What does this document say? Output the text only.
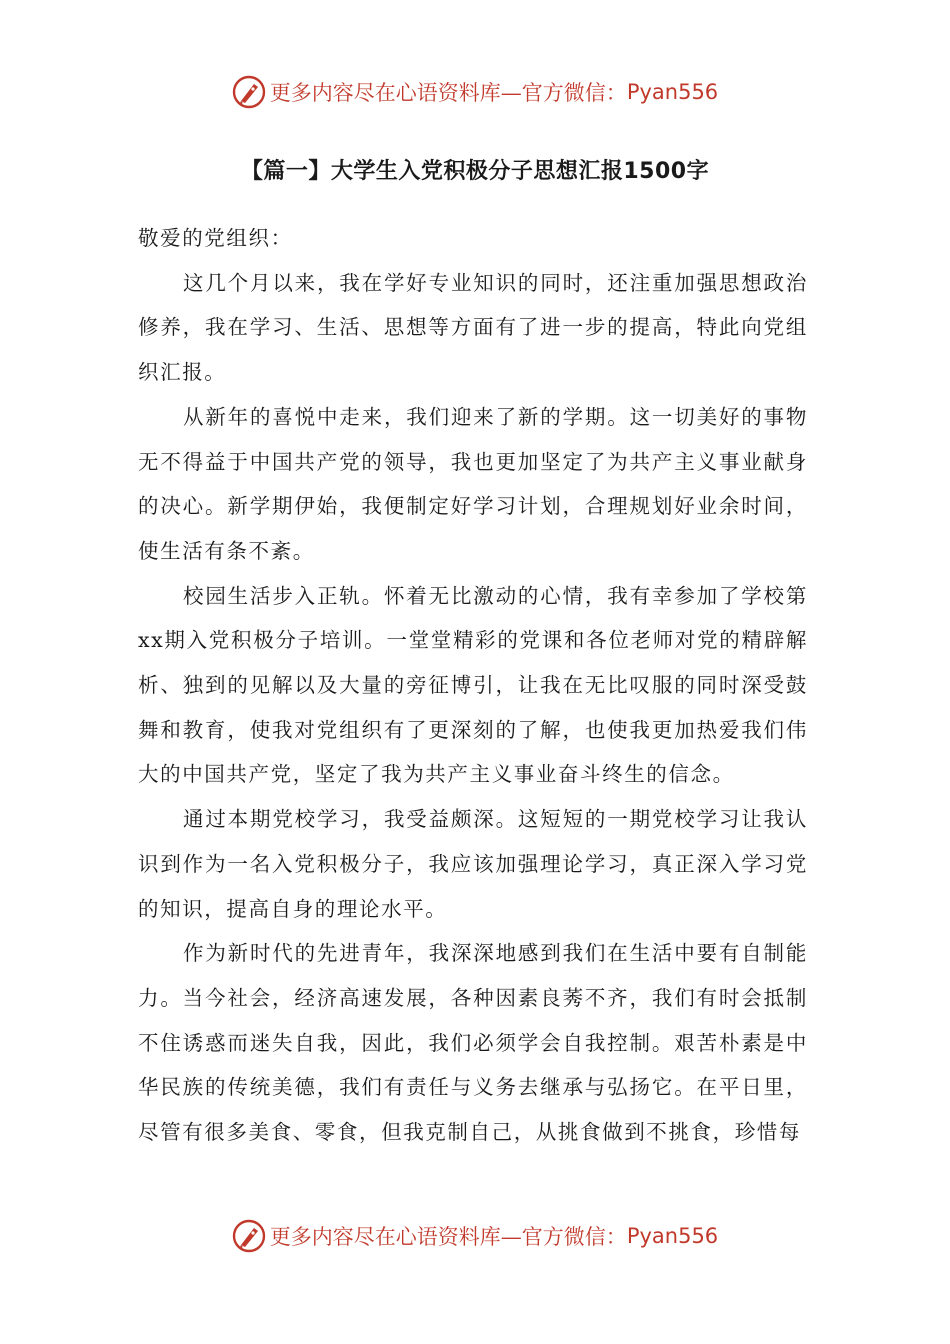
更多内容尽在心语资料库—官方微信： Pyan556
【篇一】大学生入党积极分子思想汇报1500字

敬爱的党组织：

这几个月以来，我在学好专业知识的同时，还注重加强思想政治修养，我在学习、生活、思想等方面有了进一步的提高，特此向党组织汇报。

从新年的喜悦中走来，我们迎来了新的学期。这一切美好的事物无不得益于中国共产党的领导，我也更加坚定了为共产主义事业献身的决心。新学期伊始，我便制定好学习计划，合理规划好业余时间，使生活有条不紊。

校园生活步入正轨。怀着无比激动的心情，我有幸参加了学校第xx期入党积极分子培训。一堂堂精彩的党课和各位老师对党的精辟解析、独到的见解以及大量的旁征博引，让我在无比叹服的同时深受鼓舞和教育，使我对党组织有了更深刻的了解，也使我更加热爱我们伟大的中国共产党，坚定了我为共产主义事业奋斗终生的信念。

通过本期党校学习，我受益颇深。这短短的一期党校学习让我认识到作为一名入党积极分子，我应该加强理论学习，真正深入学习党的知识，提高自身的理论水平。

作为新时代的先进青年，我深深地感到我们在生活中要有自制能力。当今社会，经济高速发展，各种因素良莠不齐，我们有时会抵制不住诱惑而迷失自我，因此，我们必须学会自我控制。艰苦朴素是中华民族的传统美德，我们有责任与义务去继承与弘扬它。在平日里，尽管有很多美食、零食，但我克制自己，从挑食做到不挑食，珍惜每

更多内容尽在心语资料库—官方微信： Pyan556
